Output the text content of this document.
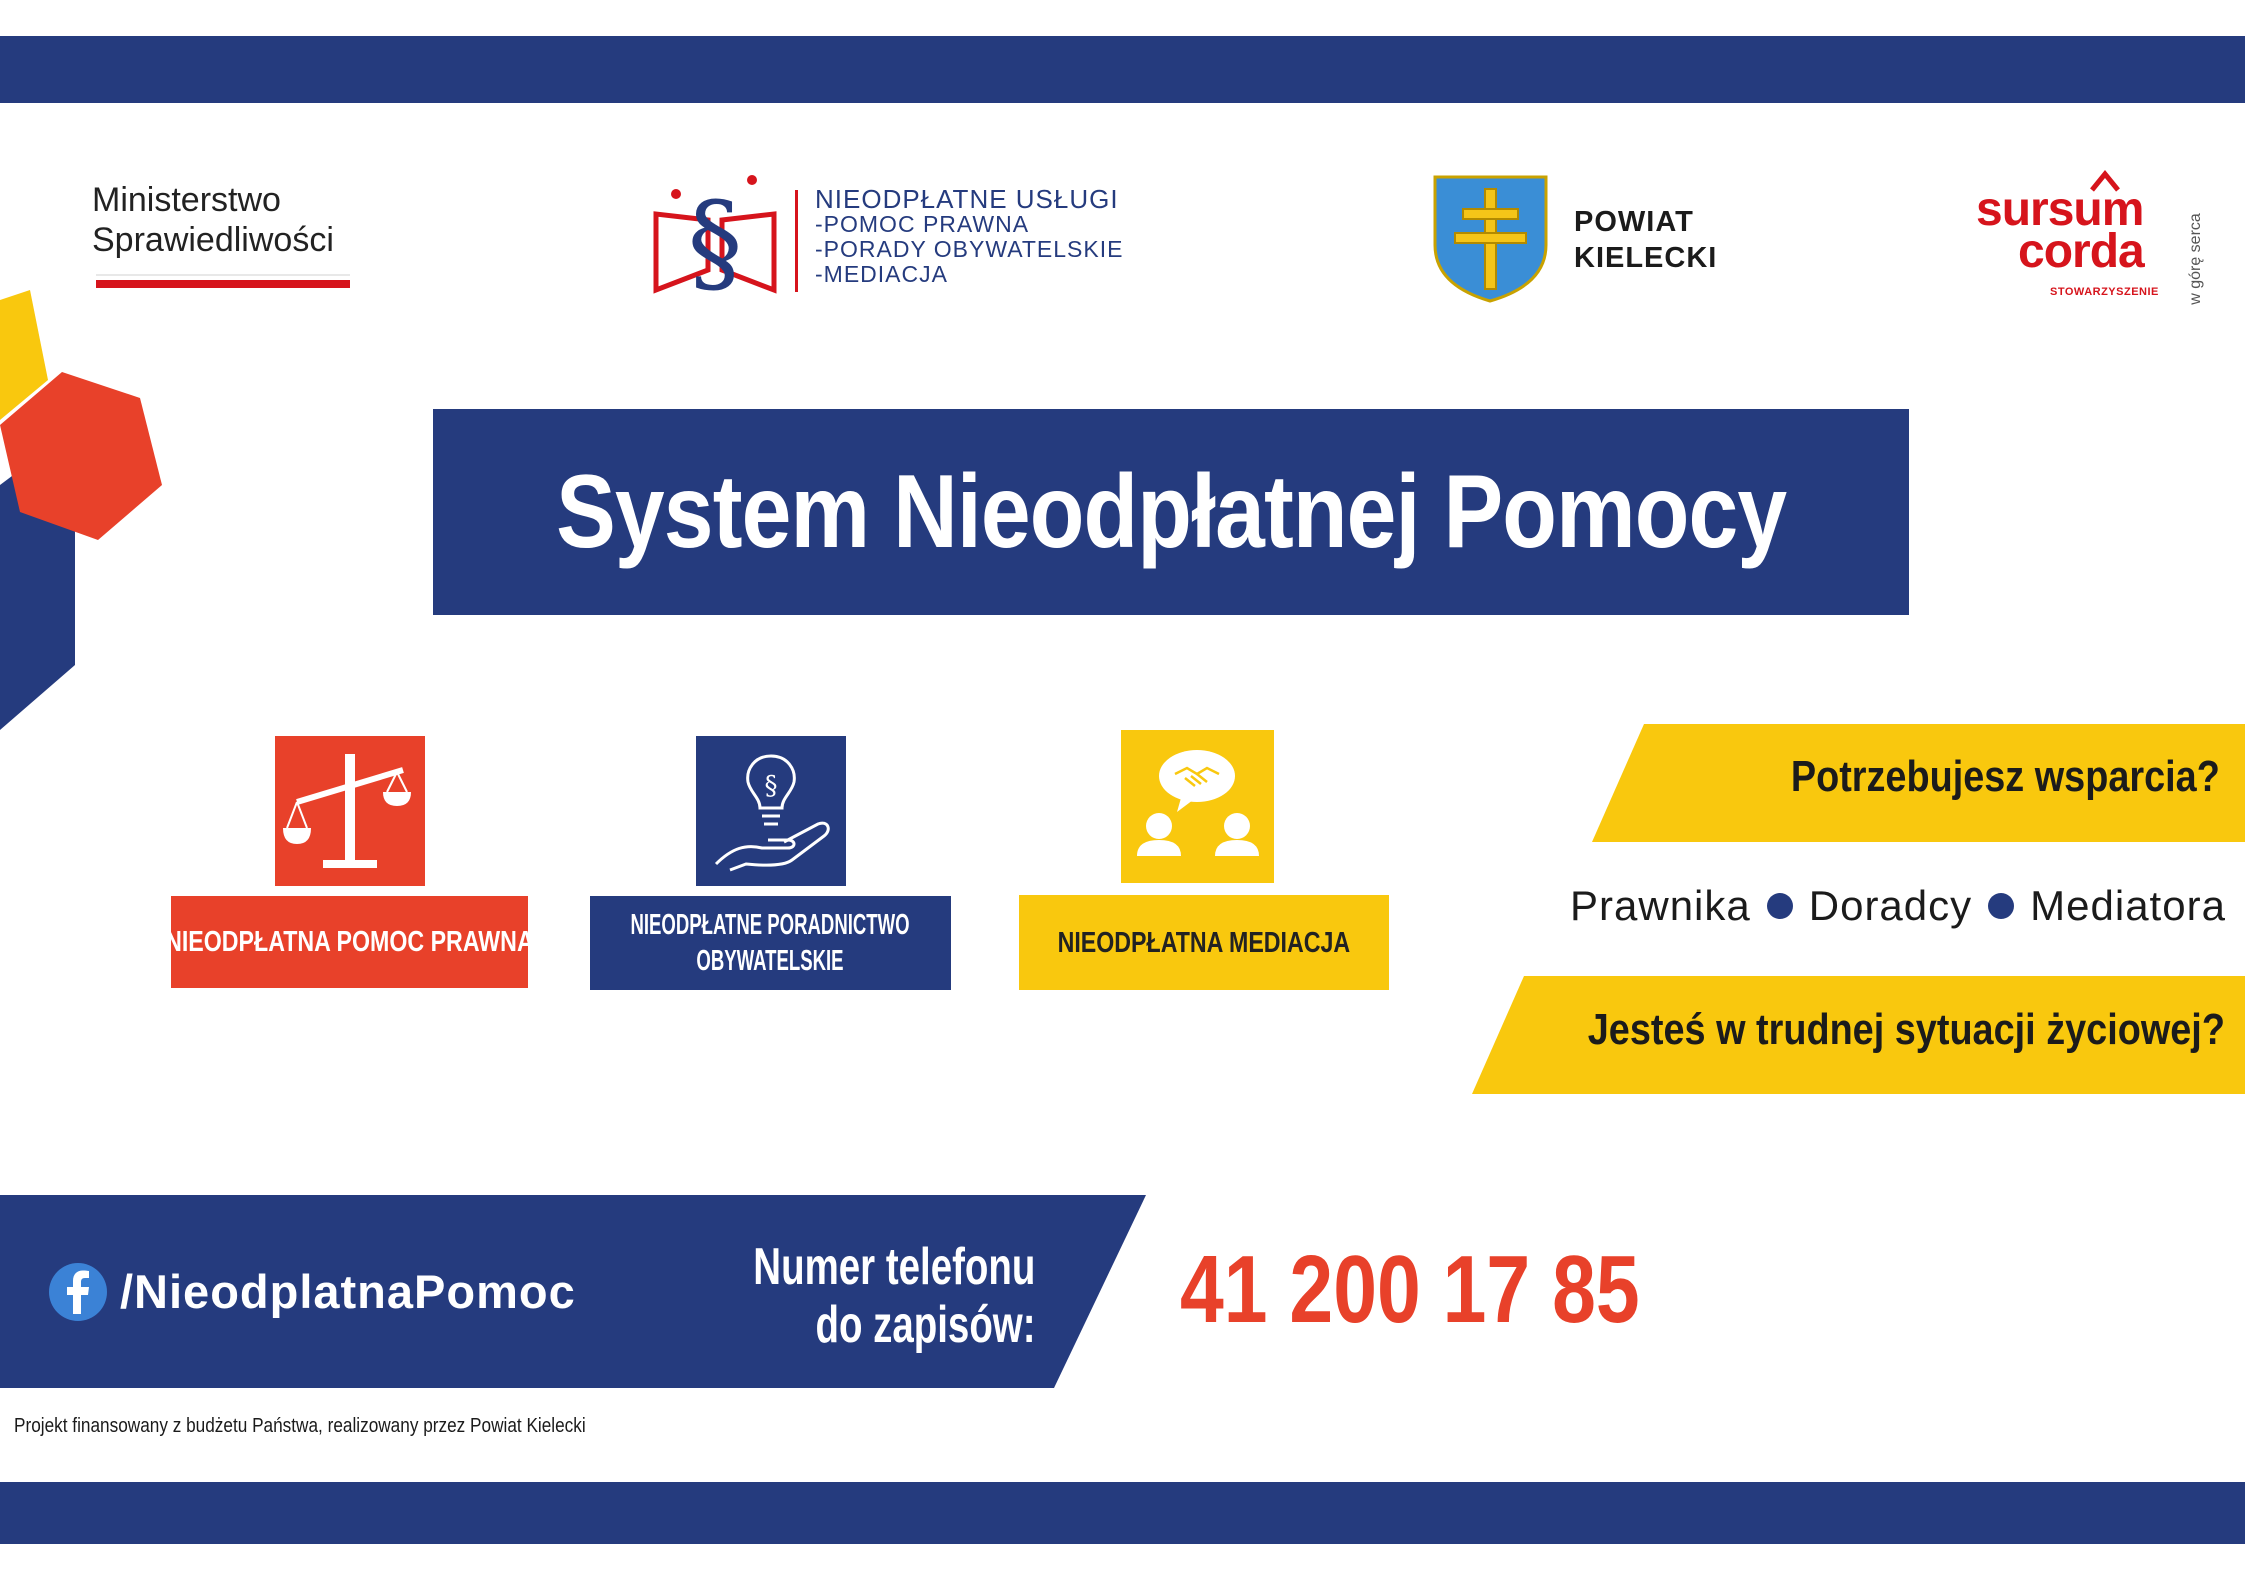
Ministerstwo
Sprawiedliwości	§	NIEODPŁATNE USŁUGI
-POMOC PRAWNA
-PORADY OBYWATELSKIE
-MEDIACJA
POWIAT
KIELECKI
sursum
corda
STOWARZYSZENIE w górę serca
System Nieodpłatnej Pomocy
NIEODPŁATNA POMOC PRAWNA
§
NIEODPŁATNE PORADNICTWO
OBYWATELSKIE
NIEODPŁATNA MEDIACJA
Potrzebujesz wsparcia?
Prawnika Doradcy Mediatora
Jesteś w trudnej sytuacji życiowej?
/NieodplatnaPomoc	Numer telefonu
do zapisów: 41 200 17 85
Projekt finansowany z budżetu Państwa, realizowany przez Powiat Kielecki
